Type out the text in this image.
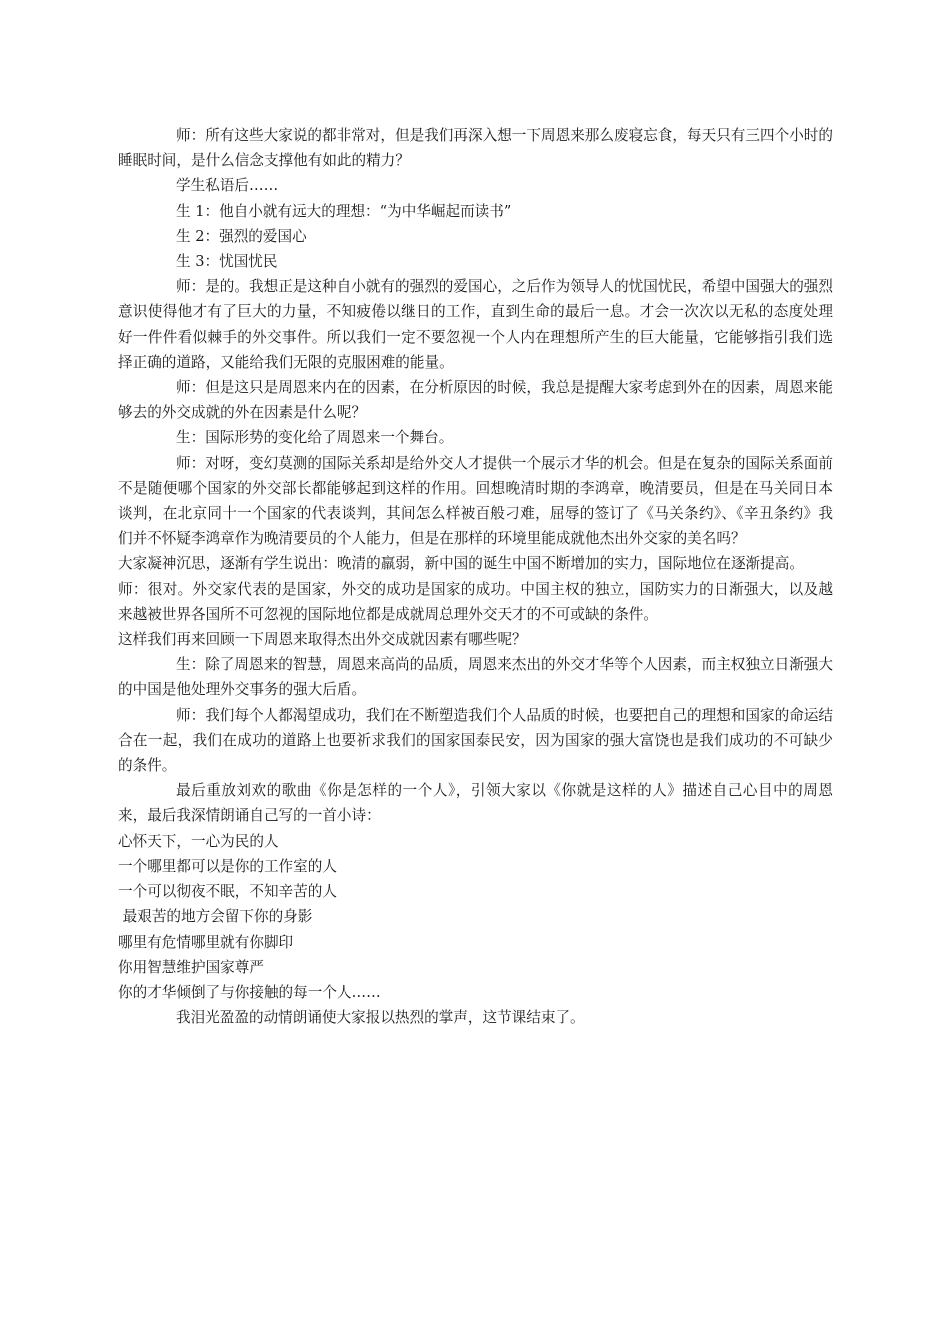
师：所有这些大家说的都非常对，但是我们再深入想一下周恩来那么废寝忘食，每天只有三四个小时的睡眠时间，是什么信念支撑他有如此的精力？

学生私语后……

生 1：他自小就有远大的理想：“为中华崛起而读书”

生 2：强烈的爱国心

生 3：忧国忧民

师：是的。我想正是这种自小就有的强烈的爱国心，之后作为领导人的忧国忧民，希望中国强大的强烈意识使得他才有了巨大的力量，不知疲倦以继日的工作，直到生命的最后一息。才会一次次以无私的态度处理好一件件看似棘手的外交事件。所以我们一定不要忽视一个人内在理想所产生的巨大能量，它能够指引我们选择正确的道路，又能给我们无限的克服困难的能量。

师：但是这只是周恩来内在的因素，在分析原因的时候，我总是提醒大家考虑到外在的因素，周恩来能够去的外交成就的外在因素是什么呢？

生：国际形势的变化给了周恩来一个舞台。

师：对呀，变幻莫测的国际关系却是给外交人才提供一个展示才华的机会。但是在复杂的国际关系面前不是随便哪个国家的外交部长都能够起到这样的作用。回想晚清时期的李鸿章，晚清要员，但是在马关同日本谈判，在北京同十一个国家的代表谈判，其间怎么样被百般刁难，屈辱的签订了《马关条约》、《辛丑条约》我们并不怀疑李鸿章作为晚清要员的个人能力，但是在那样的环境里能成就他杰出外交家的美名吗？

大家凝神沉思，逐渐有学生说出：晚清的羸弱，新中国的诞生中国不断增加的实力，国际地位在逐渐提高。

师：很对。外交家代表的是国家，外交的成功是国家的成功。中国主权的独立，国防实力的日渐强大，以及越来越被世界各国所不可忽视的国际地位都是成就周总理外交天才的不可或缺的条件。

这样我们再来回顾一下周恩来取得杰出外交成就因素有哪些呢？

生：除了周恩来的智慧，周恩来高尚的品质，周恩来杰出的外交才华等个人因素，而主权独立日渐强大的中国是他处理外交事务的强大后盾。

师：我们每个人都渴望成功，我们在不断塑造我们个人品质的时候，也要把自己的理想和国家的命运结合在一起，我们在成功的道路上也要祈求我们的国家国泰民安，因为国家的强大富饶也是我们成功的不可缺少的条件。

最后重放刘欢的歌曲《你是怎样的一个人》，引领大家以《你就是这样的人》描述自己心目中的周恩来，最后我深情朗诵自己写的一首小诗：

心怀天下，一心为民的人

一个哪里都可以是你的工作室的人

一个可以彻夜不眠，不知辛苦的人

最艰苦的地方会留下你的身影

哪里有危情哪里就有你脚印

你用智慧维护国家尊严

你的才华倾倒了与你接触的每一个人……

我泪光盈盈的动情朗诵使大家报以热烈的掌声，这节课结束了。
